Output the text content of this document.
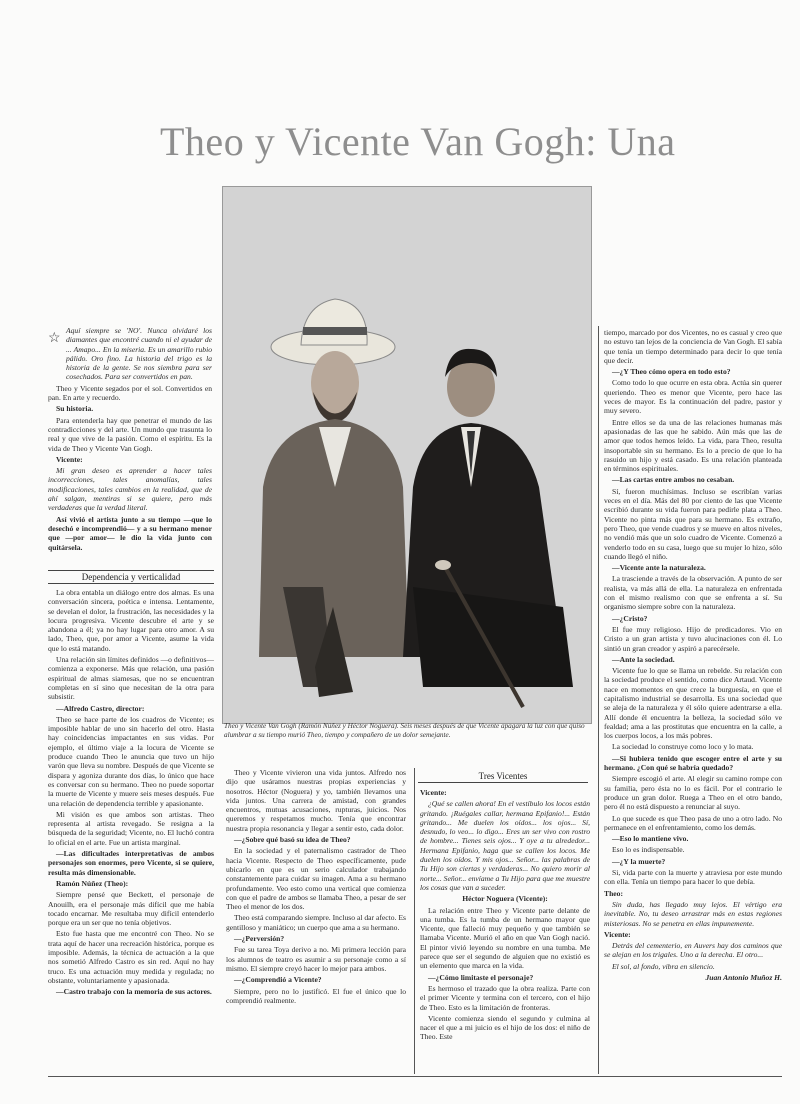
Theo y Vicente Van Gogh: Una
Theo y Vicente Van Gogh (Ramón Núñez y Héctor Noguera). Seis meses después de que Vicente apagara la luz con que quiso alumbrar a su tiempo murió Theo, tiempo y compañero de un dolor semejante.
☆

Aquí siempre se 'NO'. Nunca olvidaré los diamantes que encontré cuando ni el ayudar de ... Amapo... En la miseria. Es un amarillo rubio pálido. Oro fino. La historia del trigo es la historia de la gente. Se nos siembra para ser cosechados. Para ser convertidos en pan.

Theo y Vicente segados por el sol. Convertidos en pan. En arte y recuerdo.

Su historia.

Para entenderla hay que penetrar el mundo de las contradicciones y del arte. Un mundo que trasunta lo real y que vive de la pasión. Como el espíritu. Es la vida de Theo y Vicente Van Gogh.

Vicente:

Mi gran deseo es aprender a hacer tales incorrecciones, tales anomalías, tales modificaciones, tales cambios en la realidad, que de ahí salgan, mentiras si se quiere, pero más verdaderas que la verdad literal.

Así vivió el artista junto a su tiempo —que lo desechó e incomprendió— y a su hermano menor que —por amor— le dio la vida junto con quitársela.

Dependencia y verticalidad

La obra entabla un diálogo entre dos almas. Es una conversación sincera, poética e intensa. Lentamente, se develan el dolor, la frustración, las necesidades y la locura progresiva. Vicente descubre el arte y se abandona a él; ya no hay lugar para otro amor. A su lado, Theo, que, por amor a Vicente, asume la vida que lo está matando.

Una relación sin límites definidos —o definitivos— comienza a exponerse. Más que relación, una pasión espiritual de almas siamesas, que no se encuentran completas en sí sino que necesitan de la otra para subsistir.

—Alfredo Castro, director:

Theo se hace parte de los cuadros de Vicente; es imposible hablar de uno sin hacerlo del otro. Hasta hay coincidencias impactantes en sus vidas. Por ejemplo, el último viaje a la locura de Vicente se produce cuando Theo le anuncia que tuvo un hijo varón que lleva su nombre. Después de que Vicente se dispara y agoniza durante dos días, lo único que hace es conversar con su hermano. Theo no puede soportar la muerte de Vicente y muere seis meses después. Fue una relación de dependencia terrible y apasionante.

Mi visión es que ambos son artistas. Theo representa al artista revegado. Se resigna a la búsqueda de la seguridad; Vicente, no. El luchó contra lo oficial en el arte. Fue un artista marginal.

—Las dificultades interpretativas de ambos personajes son enormes, pero Vicente, si se quiere, resulta más dimensionable.

Ramón Núñez (Theo):

Siempre pensé que Beckett, el personaje de Anouilh, era el personaje más difícil que me había tocado encarnar. Me resultaba muy difícil entenderlo porque era un ser que no tenía objetivos.

Esto fue hasta que me encontré con Theo. No se trata aquí de hacer una recreación histórica, porque es imposible. Además, la técnica de actuación a la que nos sometió Alfredo Castro es sin red. Aquí no hay truco. Es una actuación muy medida y regulada; no obstante, voluntariamente y apasionada.

—Castro trabajo con la memoria de sus actores.

Theo y Vicente vivieron una vida juntos. Alfredo nos dijo que usáramos nuestras propias experiencias y nosotros. Héctor (Noguera) y yo, también llevamos una vida juntos. Una carrera de amistad, con grandes encuentros, mutuas acusaciones, rupturas, juicios. Nos queremos y respetamos mucho. Tenía que encontrar nuestra propia resonancia y llegar a sentir esto, cada dolor.

—¿Sobre qué basó su idea de Theo?

En la sociedad y el paternalismo castrador de Theo hacia Vicente. Respecto de Theo específicamente, pude ubicarlo en que es un serio calculador trabajando constantemente para cuidar su imagen. Ama a su hermano profundamente. Veo esto como una vertical que comienza con que el padre de ambos se llamaba Theo, a pesar de ser Theo el menor de los dos.

Theo está comparando siempre. Incluso al dar afecto. Es gentilloso y maniático; un cuerpo que ama a su hermano.

—¿Perversión?

Fue su tarea Toya derivo a no. Mi primera lección para los alumnos de teatro es asumir a su personaje como a sí mismo. El siempre creyó hacer lo mejor para ambos.

—¿Comprendió a Vicente?

Siempre, pero no lo justificó. El fue el único que lo comprendió realmente.

Tres Vicentes

Vicente:

¿Qué se callen ahora! En el vestíbulo los locos están gritando. ¡Ruégales callar, hermana Epifanio!... Están gritando... Me duelen los oídos... los ojos... Sí, desnudo, lo veo... lo digo... Eres un ser vivo con rostro de hombre... Tienes seis ojos... Y oye a tu alrededor... Hermana Epifanio, haga que se callen los locos. Me duelen los oídos. Y mis ojos... Señor... las palabras de Tu Hijo son ciertas y verdaderas... No quiero morir al norte... Señor... envíame a Tu Hijo para que me muestre los cosas que van a suceder.

Héctor Noguera (Vicente):

La relación entre Theo y Vicente parte delante de una tumba. Es la tumba de un hermano mayor que Vicente, que falleció muy pequeño y que también se llamaba Vicente. Murió el año en que Van Gogh nació. El pintor vivió leyendo su nombre en una tumba. Me parece que ser el segundo de alguien que no existió es un elemento que marca en la vida.

—¿Cómo limitaste el personaje?

Es hermoso el trazado que la obra realiza. Parte con el primer Vicente y termina con el tercero, con el hijo de Theo. Esto es la limitación de fronteras.

Vicente comienza siendo el segundo y culmina al nacer el que a mi juicio es el hijo de los dos: el niño de Theo. Este

tiempo, marcado por dos Vicentes, no es casual y creo que no estuvo tan lejos de la conciencia de Van Gogh. El sabía que tenía un tiempo determinado para decir lo que tenía que decir.

—¿Y Theo cómo opera en todo esto?

Como todo lo que ocurre en esta obra. Actúa sin querer queriendo. Theo es menor que Vicente, pero hace las veces de mayor. Es la continuación del padre, pastor y muy severo.

Entre ellos se da una de las relaciones humanas más apasionadas de las que he sabido. Aún más que las de amor que todos hemos leído. La vida, para Theo, resulta insoportable sin su hermano. Es lo a precio de que lo ha rasuido un hijo y está casado. Es una relación planteada en términos espirituales.

—Las cartas entre ambos no cesaban.

Sí, fueron muchísimas. Incluso se escribían varias veces en el día. Más del 80 por ciento de las que Vicente escribió durante su vida fueron para pedirle plata a Theo. Vicente no pinta más que para su hermano. Es extraño, pero Theo, que vende cuadros y se mueve en altos niveles, no vendió más que un solo cuadro de Vicente. Comenzó a venderlo todo en su casa, luego que su mujer lo hizo, sólo cuando llegó el niño.

—Vicente ante la naturaleza.

La trasciende a través de la observación. A punto de ser realista, va más allá de ella. La naturaleza en enfrentada con el mismo realismo con que se enfrenta a sí. Su organismo siempre sobre con la naturaleza.

—¿Cristo?

El fue muy religioso. Hijo de predicadores. Vio en Cristo a un gran artista y tuvo alucinaciones con él. Lo sintió un gran creador y aspiró a parecérsele.

—Ante la sociedad.

Vicente fue lo que se llama un rebelde. Su relación con la sociedad produce el sentido, como dice Artaud. Vicente nace en momentos en que crece la burguesía, en que el capitalismo industrial se desarrolla. Es una sociedad que se aleja de la naturaleza y él sólo quiere adentrarse a ella. Allí donde él encuentra la belleza, la sociedad sólo ve fealdad; ama a las prostitutas que encuentra en la calle, a los cuerpos locos, a los más pobres.

La sociedad lo construye como loco y lo mata.

—Si hubiera tenido que escoger entre el arte y su hermano. ¿Con qué se habría quedado?

Siempre escogió el arte. Al elegir su camino rompe con su familia, pero ésta no lo es fácil. Por el contrario le produce un gran dolor. Ruega a Theo en el otro bando, pero él no está dispuesto a renunciar al suyo.

Lo que sucede es que Theo pasa de uno a otro lado. No permanece en el enfrentamiento, como los demás.

—Eso lo mantiene vivo.

Eso lo es indispensable.

—¿Y la muerte?

Si, vida parte con la muerte y atraviesa por este mundo con ella. Tenía un tiempo para hacer lo que debía.

Theo:

Sin duda, has llegado muy lejos. El vértigo era inevitable. No, tu deseo arrastrar más en estas regiones misteriosas. No se penetra en ellas impunemente.

Vicente:

Detrás del cementerio, en Auvers hay dos caminos que se alejan en los trigales. Uno a la derecha. El otro...

El sol, al fondo, vibra en silencio.

Juan Antonio Muñoz H.
